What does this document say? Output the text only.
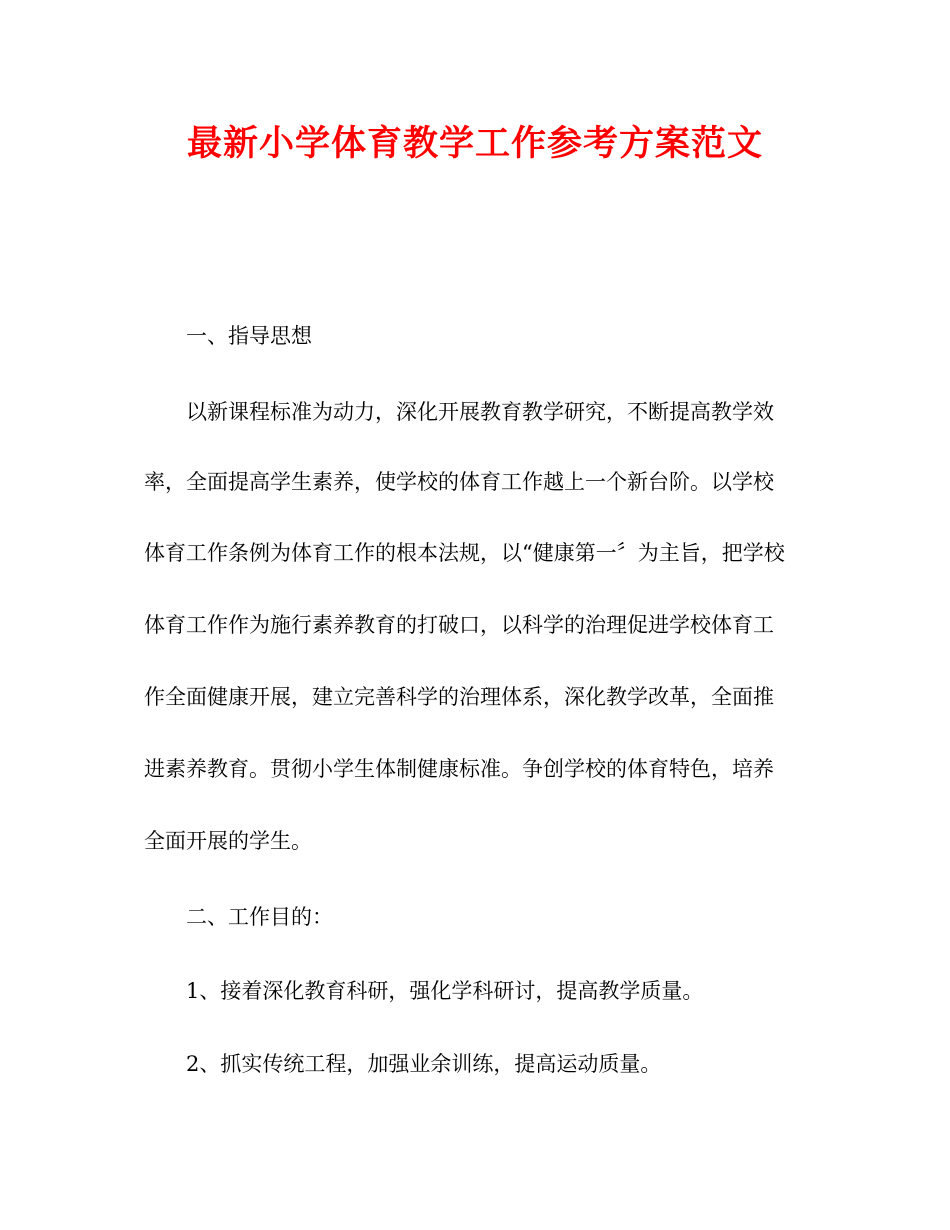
最新小学体育教学工作参考方案范文

一、指导思想

以新课程标准为动力，深化开展教育教学研究，不断提高教学效

率，全面提高学生素养，使学校的体育工作越上一个新台阶。以学校

体育工作条例为体育工作的根本法规，以“健康第一〞为主旨，把学校

体育工作作为施行素养教育的打破口，以科学的治理促进学校体育工

作全面健康开展，建立完善科学的治理体系，深化教学改革，全面推

进素养教育。贯彻小学生体制健康标准。争创学校的体育特色，培养

全面开展的学生。

二、工作目的：

1、接着深化教育科研，强化学科研讨，提高教学质量。

2、抓实传统工程，加强业余训练，提高运动质量。
